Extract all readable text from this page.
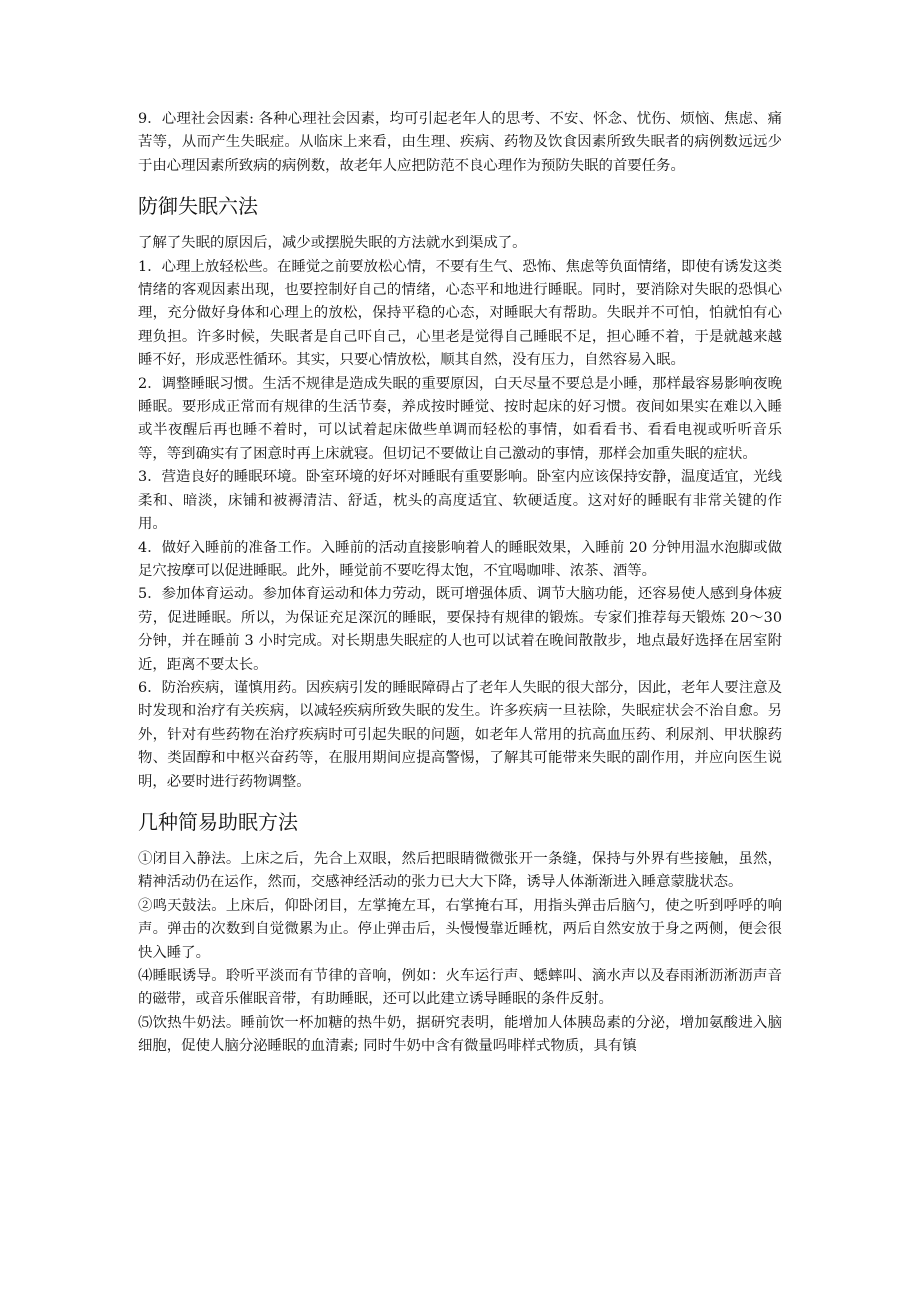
9．心理社会因素: 各种心理社会因素，均可引起老年人的思考、不安、怀念、忧伤、烦恼、焦虑、痛苦等，从而产生失眠症。从临床上来看，由生理、疾病、药物及饮食因素所致失眠者的病例数远远少于由心理因素所致病的病例数，故老年人应把防范不良心理作为预防失眠的首要任务。

防御失眠六法

了解了失眠的原因后，减少或摆脱失眠的方法就水到渠成了。

1．心理上放轻松些。在睡觉之前要放松心情，不要有生气、恐怖、焦虑等负面情绪，即使有诱发这类情绪的客观因素出现，也要控制好自己的情绪，心态平和地进行睡眠。同时，要消除对失眠的恐惧心理，充分做好身体和心理上的放松，保持平稳的心态，对睡眠大有帮助。失眠并不可怕，怕就怕有心理负担。许多时候，失眠者是自己吓自己，心里老是觉得自己睡眠不足，担心睡不着，于是就越来越睡不好，形成恶性循环。其实，只要心情放松，顺其自然，没有压力，自然容易入眠。

2．调整睡眠习惯。生活不规律是造成失眠的重要原因，白天尽量不要总是小睡，那样最容易影响夜晚睡眠。要形成正常而有规律的生活节奏，养成按时睡觉、按时起床的好习惯。夜间如果实在难以入睡或半夜醒后再也睡不着时，可以试着起床做些单调而轻松的事情，如看看书、看看电视或听听音乐等，等到确实有了困意时再上床就寝。但切记不要做让自己激动的事情，那样会加重失眠的症状。

3．营造良好的睡眠环境。卧室环境的好坏对睡眠有重要影响。卧室内应该保持安静，温度适宜，光线柔和、暗淡，床铺和被褥清洁、舒适，枕头的高度适宜、软硬适度。这对好的睡眠有非常关键的作用。

4．做好入睡前的准备工作。入睡前的活动直接影响着人的睡眠效果，入睡前 20 分钟用温水泡脚或做足穴按摩可以促进睡眠。此外，睡觉前不要吃得太饱，不宜喝咖啡、浓茶、酒等。

5．参加体育运动。参加体育运动和体力劳动，既可增强体质、调节大脑功能，还容易使人感到身体疲劳，促进睡眠。所以，为保证充足深沉的睡眠，要保持有规律的锻炼。专家们推荐每天锻炼 20～30 分钟，并在睡前 3 小时完成。对长期患失眠症的人也可以试着在晚间散散步，地点最好选择在居室附近，距离不要太长。

6．防治疾病，谨慎用药。因疾病引发的睡眠障碍占了老年人失眠的很大部分，因此，老年人要注意及时发现和治疗有关疾病，以减轻疾病所致失眠的发生。许多疾病一旦祛除，失眠症状会不治自愈。另外，针对有些药物在治疗疾病时可引起失眠的问题，如老年人常用的抗高血压药、利尿剂、甲状腺药物、类固醇和中枢兴奋药等，在服用期间应提高警惕，了解其可能带来失眠的副作用，并应向医生说明，必要时进行药物调整。

几种简易助眠方法

①闭目入静法。上床之后，先合上双眼，然后把眼睛微微张开一条缝，保持与外界有些接触，虽然，精神活动仍在运作，然而，交感神经活动的张力已大大下降，诱导人体渐渐进入睡意蒙胧状态。

②鸣天鼓法。上床后，仰卧闭目，左掌掩左耳，右掌掩右耳，用指头弹击后脑勺，使之听到呼呼的响声。弹击的次数到自觉微累为止。停止弹击后，头慢慢靠近睡枕，两后自然安放于身之两侧，便会很快入睡了。

⑷睡眠诱导。聆听平淡而有节律的音响，例如：火车运行声、蟋蟀叫、滴水声以及春雨淅沥淅沥声音的磁带，或音乐催眠音带，有助睡眠，还可以此建立诱导睡眠的条件反射。

⑸饮热牛奶法。睡前饮一杯加糖的热牛奶，据研究表明，能增加人体胰岛素的分泌，增加氨酸进入脑细胞，促使人脑分泌睡眠的血清素; 同时牛奶中含有微量吗啡样式物质，具有镇
